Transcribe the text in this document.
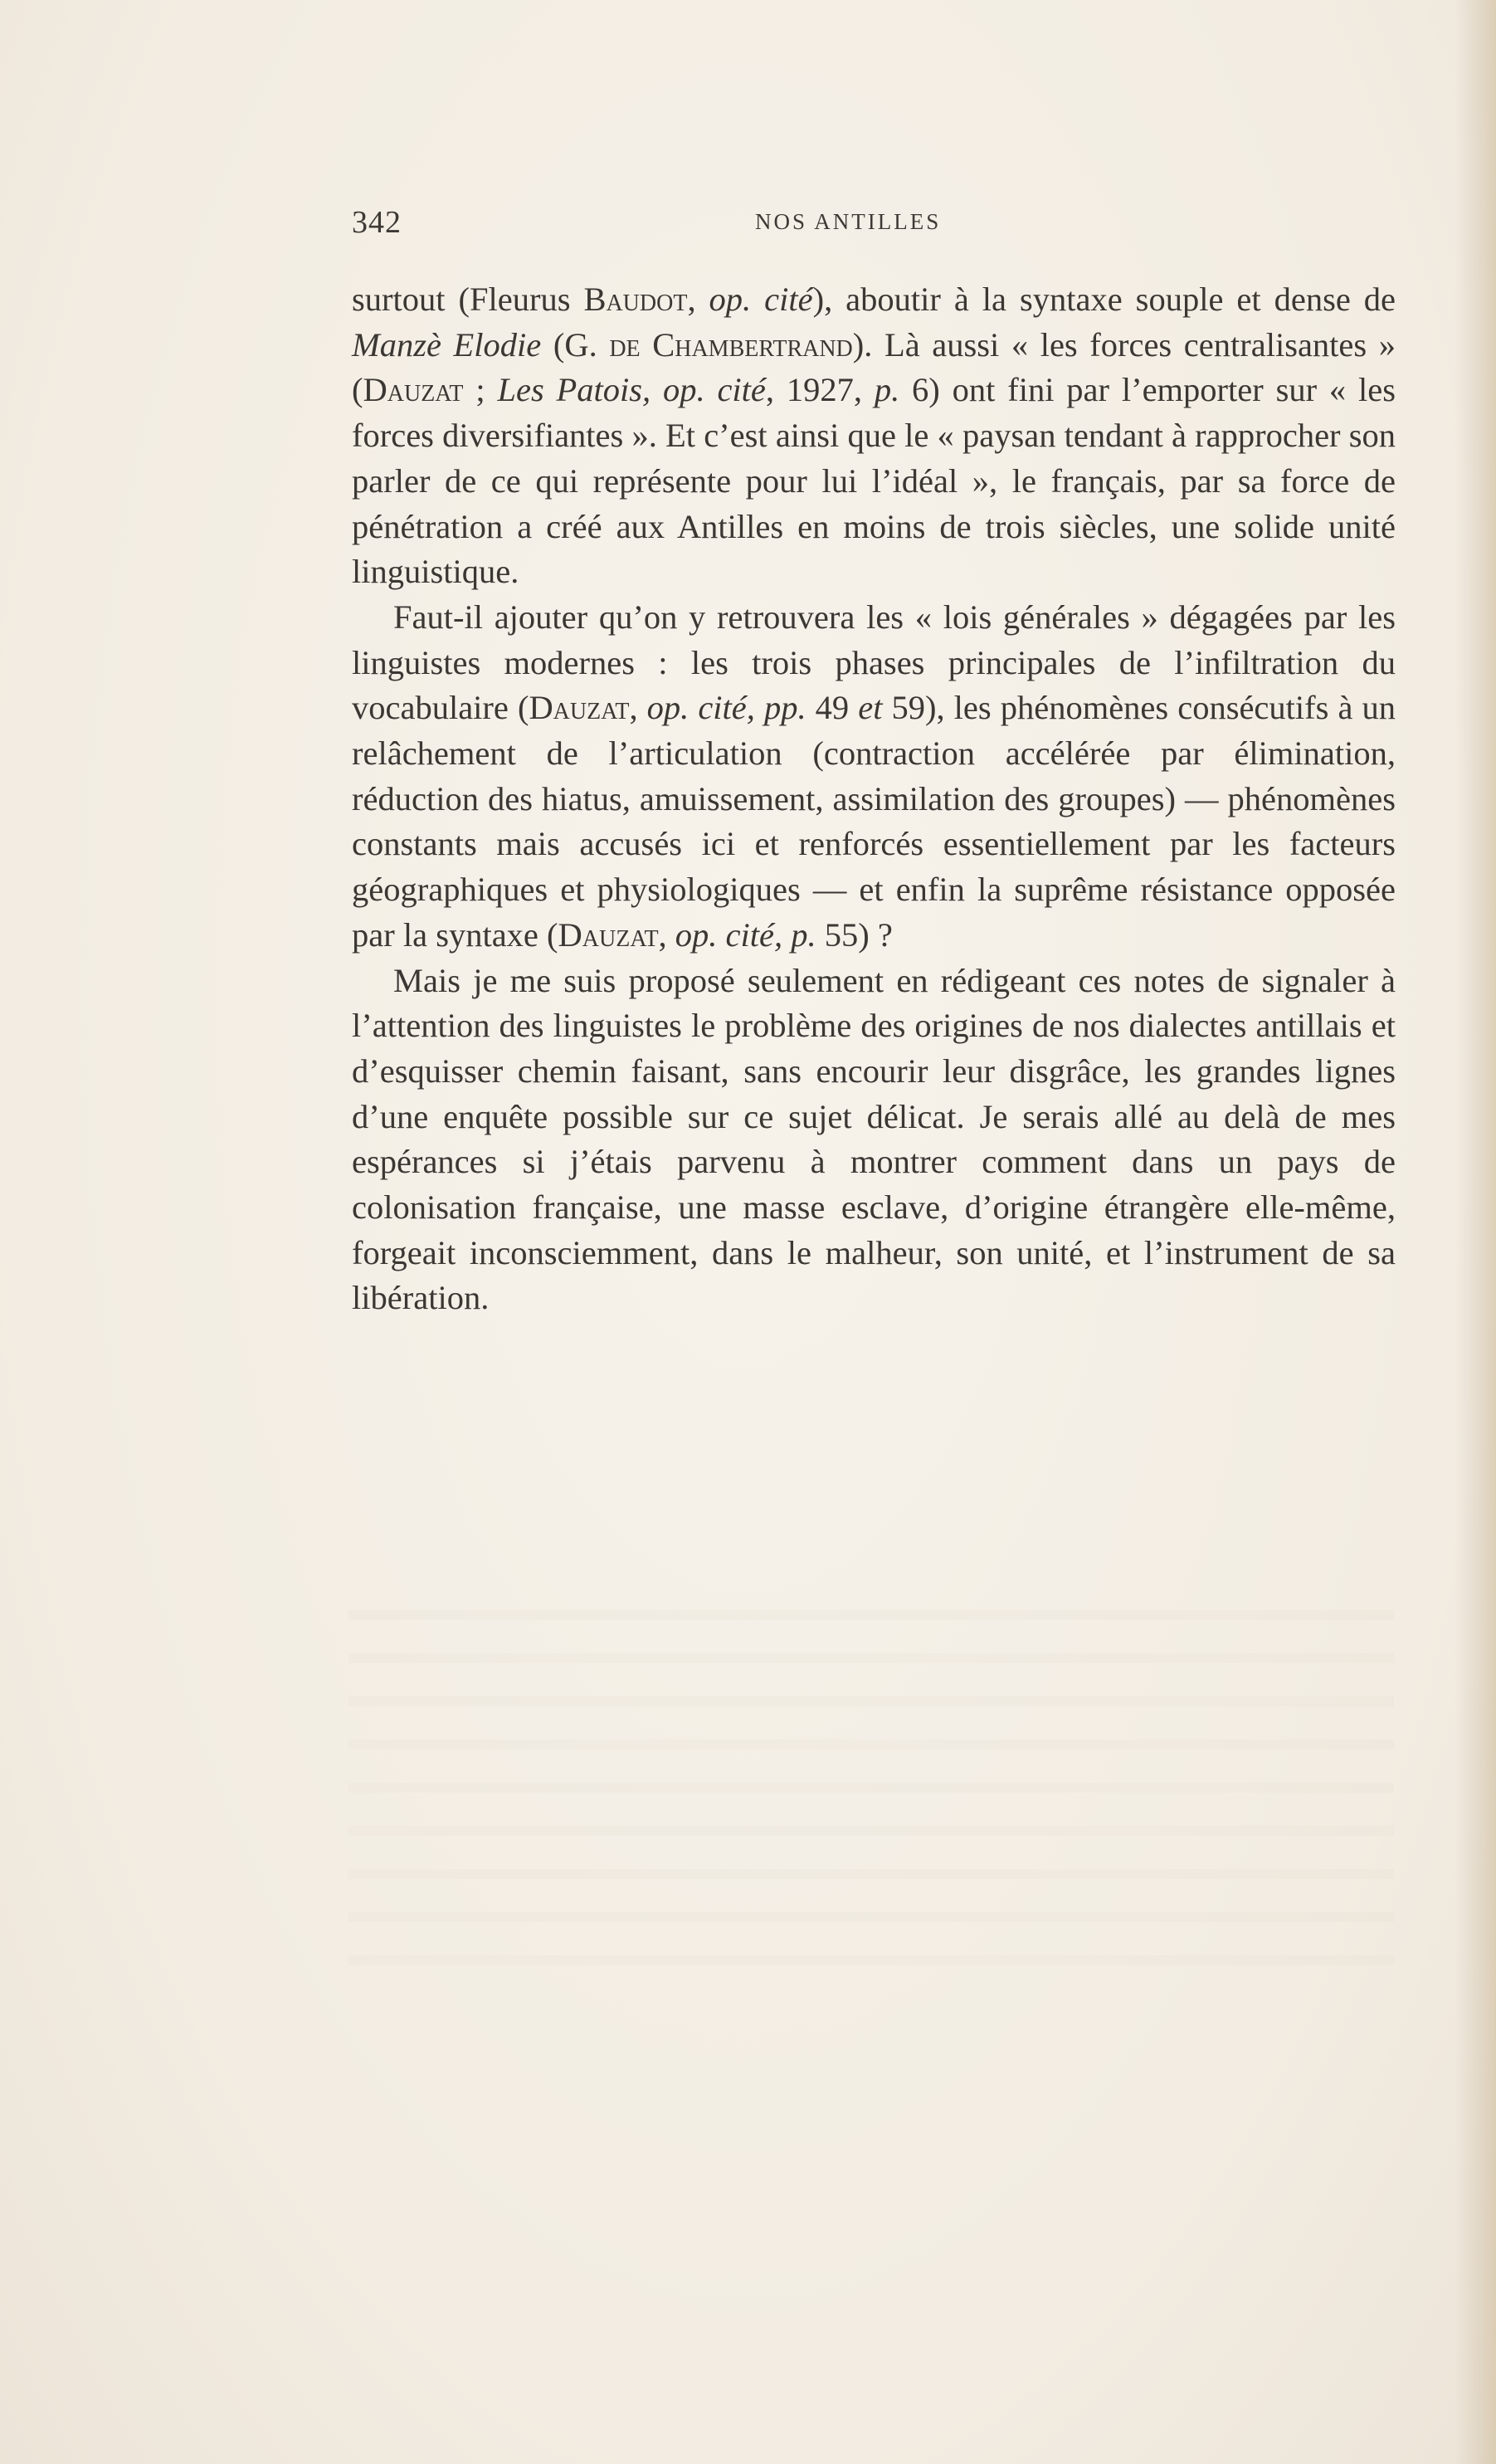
342	NOS ANTILLES

surtout (Fleurus Baudot, op. cité), aboutir à la syntaxe souple et dense de Manzè Elodie (G. de Chambertrand). Là aussi « les forces centralisantes » (Dauzat ; Les Patois, op. cité, 1927, p. 6) ont fini par l’emporter sur « les forces diversifiantes ». Et c’est ainsi que le « paysan tendant à rapprocher son parler de ce qui représente pour lui l’idéal », le français, par sa force de pénétration a créé aux Antilles en moins de trois siècles, une solide unité linguistique.

Faut-il ajouter qu’on y retrouvera les « lois générales » dégagées par les linguistes modernes : les trois phases principales de l’infiltration du vocabulaire (Dauzat, op. cité, pp. 49 et 59), les phénomènes consécutifs à un relâchement de l’articulation (contraction accélérée par élimination, réduction des hiatus, amuissement, assimilation des groupes) — phénomènes constants mais accusés ici et renforcés essentiellement par les facteurs géographiques et physiologiques — et enfin la suprême résistance opposée par la syntaxe (Dauzat, op. cité, p. 55) ?

Mais je me suis proposé seulement en rédigeant ces notes de signaler à l’attention des linguistes le problème des origines de nos dialectes antillais et d’esquisser chemin faisant, sans encourir leur disgrâce, les grandes lignes d’une enquête possible sur ce sujet délicat. Je serais allé au delà de mes espérances si j’étais parvenu à montrer comment dans un pays de colonisation française, une masse esclave, d’origine étrangère elle-même, forgeait inconsciemment, dans le malheur, son unité, et l’instrument de sa libération.
